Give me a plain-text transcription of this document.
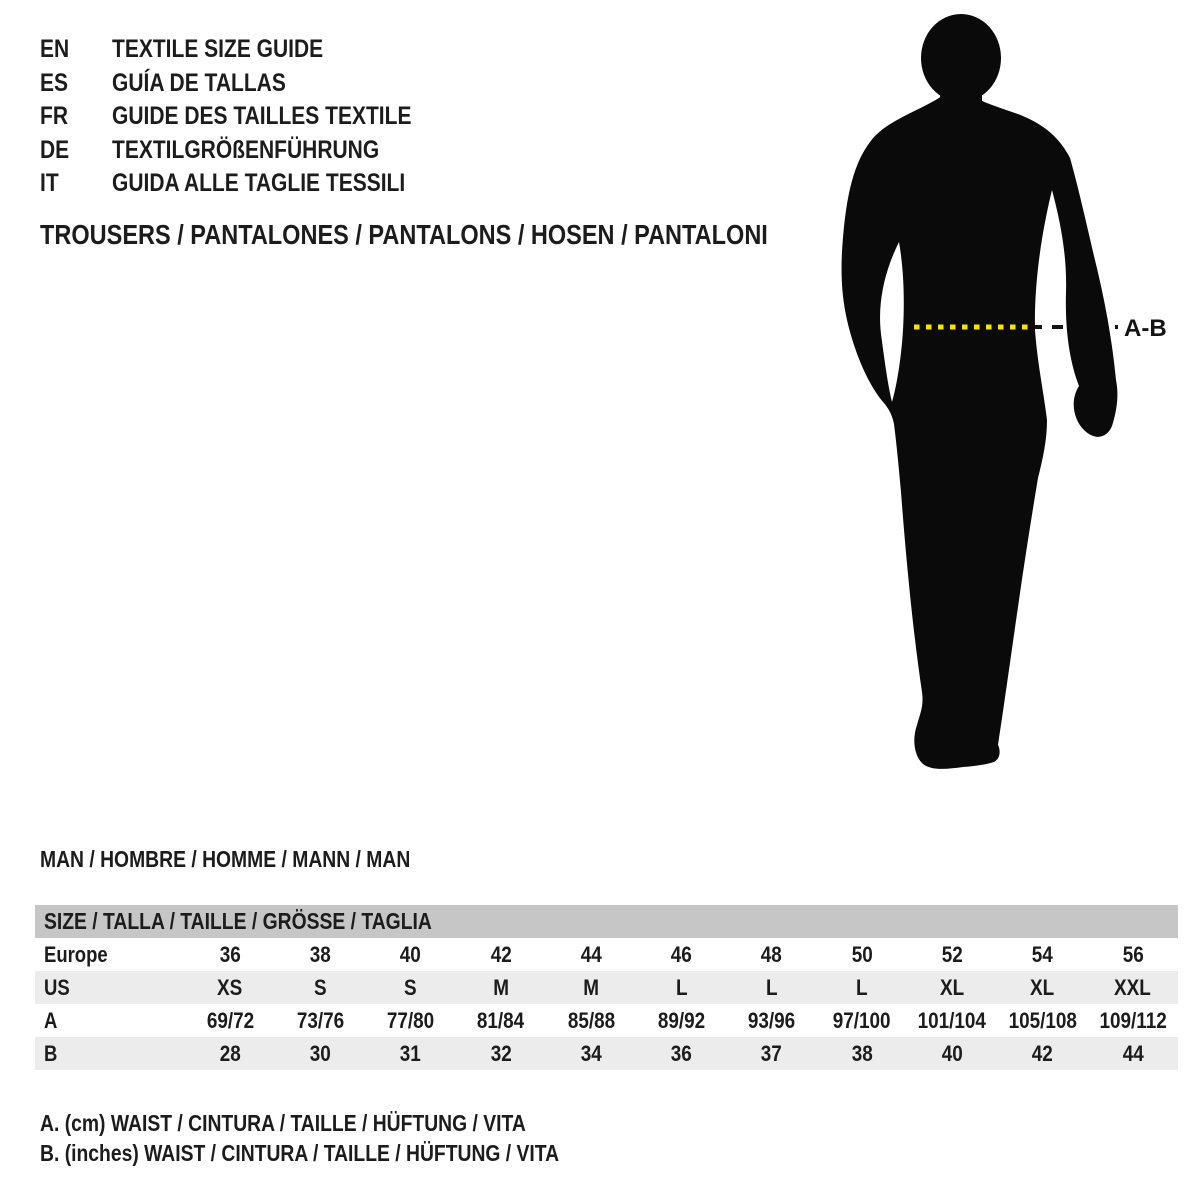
EN	TEXTILE SIZE GUIDE
ES	GUÍA DE TALLAS
FR	GUIDE DES TAILLES TEXTILE
DE	TEXTILGRÖßENFÜHRUNG
IT	GUIDA ALLE TAGLIE TESSILI
TROUSERS / PANTALONES / PANTALONS / HOSEN / PANTALONI
A-B
MAN / HOMBRE / HOMME / MANN / MAN
SIZE / TALLA / TAILLE / GRÖSSE / TAGLIA
Europe	36	38	40	42	44	46	48	50	52	54	56
US	XS	S	S	M	M	L	L	L	XL	XL	XXL
A	69/72	73/76	77/80	81/84	85/88	89/92	93/96	97/100	101/104 105/108	109/112
B	28	30	31	32	34	36	37	38	40	42	44
A. (cm) WAIST / CINTURA / TAILLE / HÜFTUNG / VITA
B. (inches) WAIST / CINTURA / TAILLE / HÜFTUNG / VITA
